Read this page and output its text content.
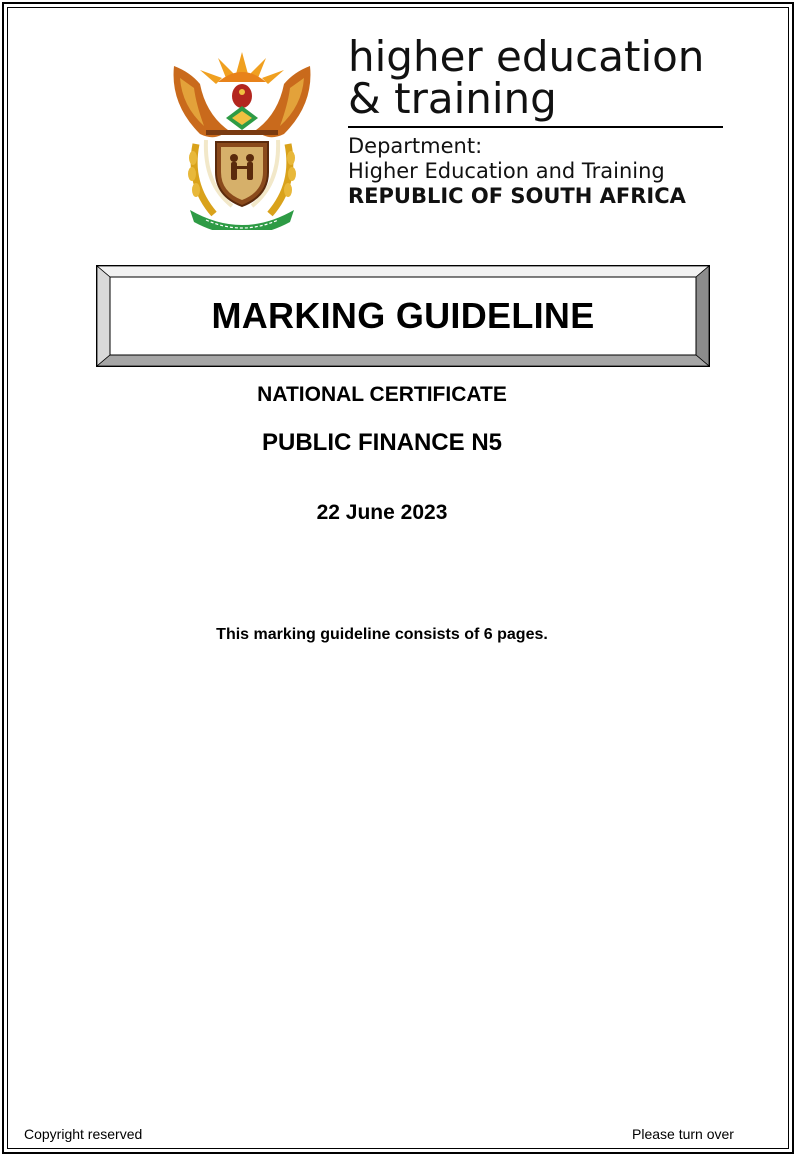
higher education
& training
Department:
Higher Education and Training
REPUBLIC OF SOUTH AFRICA
MARKING GUIDELINE
NATIONAL CERTIFICATE
PUBLIC FINANCE N5
22 June 2023
This marking guideline consists of 6 pages.
Copyright reserved	Please turn over
